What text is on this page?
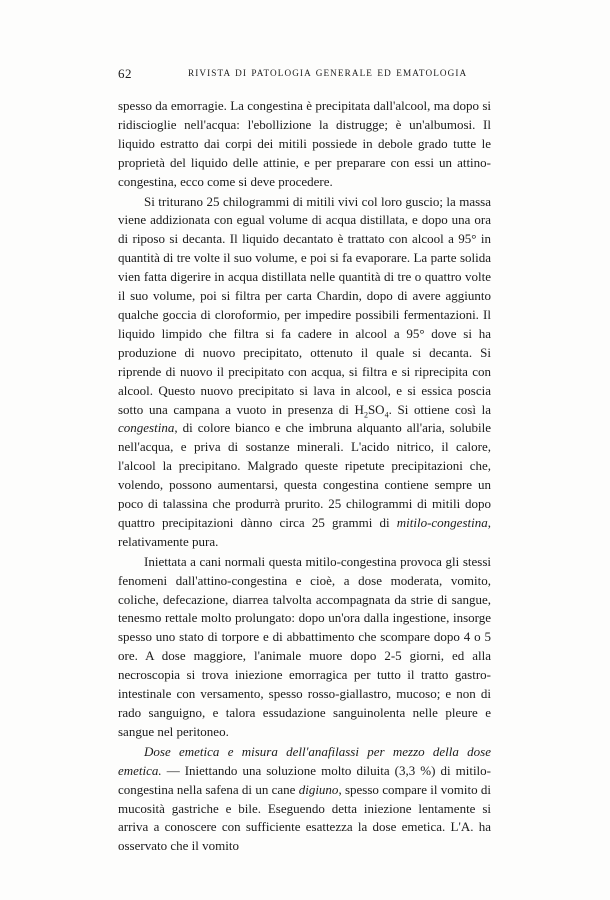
62	RIVISTA DI PATOLOGIA GENERALE ED EMATOLOGIA

spesso da emorragie. La congestina è precipitata dall'alcool, ma dopo si ridiscioglie nell'acqua: l'ebollizione la distrugge; è un'albumosi. Il liquido estratto dai corpi dei mitili possiede in debole grado tutte le proprietà del liquido delle attinie, e per preparare con essi un attino-congestina, ecco come si deve procedere.

Si triturano 25 chilogrammi di mitili vivi col loro guscio; la massa viene addizionata con egual volume di acqua distillata, e dopo una ora di riposo si decanta. Il liquido decantato è trattato con alcool a 95° in quantità di tre volte il suo volume, e poi si fa evaporare. La parte solida vien fatta digerire in acqua distillata nelle quantità di tre o quattro volte il suo volume, poi si filtra per carta Chardin, dopo di avere aggiunto qualche goccia di cloroformio, per impedire possibili fermentazioni. Il liquido limpido che filtra si fa cadere in alcool a 95° dove si ha produzione di nuovo precipitato, ottenuto il quale si decanta. Si riprende di nuovo il precipitato con acqua, si filtra e si riprecipita con alcool. Questo nuovo precipitato si lava in alcool, e si essica poscia sotto una campana a vuoto in presenza di $H_2SO_4$. Si ottiene così la congestina, di colore bianco e che imbruna alquanto all'aria, solubile nell'acqua, e priva di sostanze minerali. L'acido nitrico, il calore, l'alcool la precipitano. Malgrado queste ripetute precipitazioni che, volendo, possono aumentarsi, questa congestina contiene sempre un poco di talassina che produrrà prurito. 25 chilogrammi di mitili dopo quattro precipitazioni dànno circa 25 grammi di mitilo-congestina, relativamente pura.

Iniettata a cani normali questa mitilo-congestina provoca gli stessi fenomeni dall'attino-congestina e cioè, a dose moderata, vomito, coliche, defecazione, diarrea talvolta accompagnata da strie di sangue, tenesmo rettale molto prolungato: dopo un'ora dalla ingestione, insorge spesso uno stato di torpore e di abbattimento che scompare dopo 4 o 5 ore. A dose maggiore, l'animale muore dopo 2-5 giorni, ed alla necroscopia si trova iniezione emorragica per tutto il tratto gastro-intestinale con versamento, spesso rosso-giallastro, mucoso; e non di rado sanguigno, e talora essudazione sanguinolenta nelle pleure e sangue nel peritoneo.

Dose emetica e misura dell'anafilassi per mezzo della dose emetica. — Iniettando una soluzione molto diluita (3,3 %) di mitilo-congestina nella safena di un cane digiuno, spesso compare il vomito di mucosità gastriche e bile. Eseguendo detta iniezione lentamente si arriva a conoscere con sufficiente esattezza la dose emetica. L'A. ha osservato che il vomito
